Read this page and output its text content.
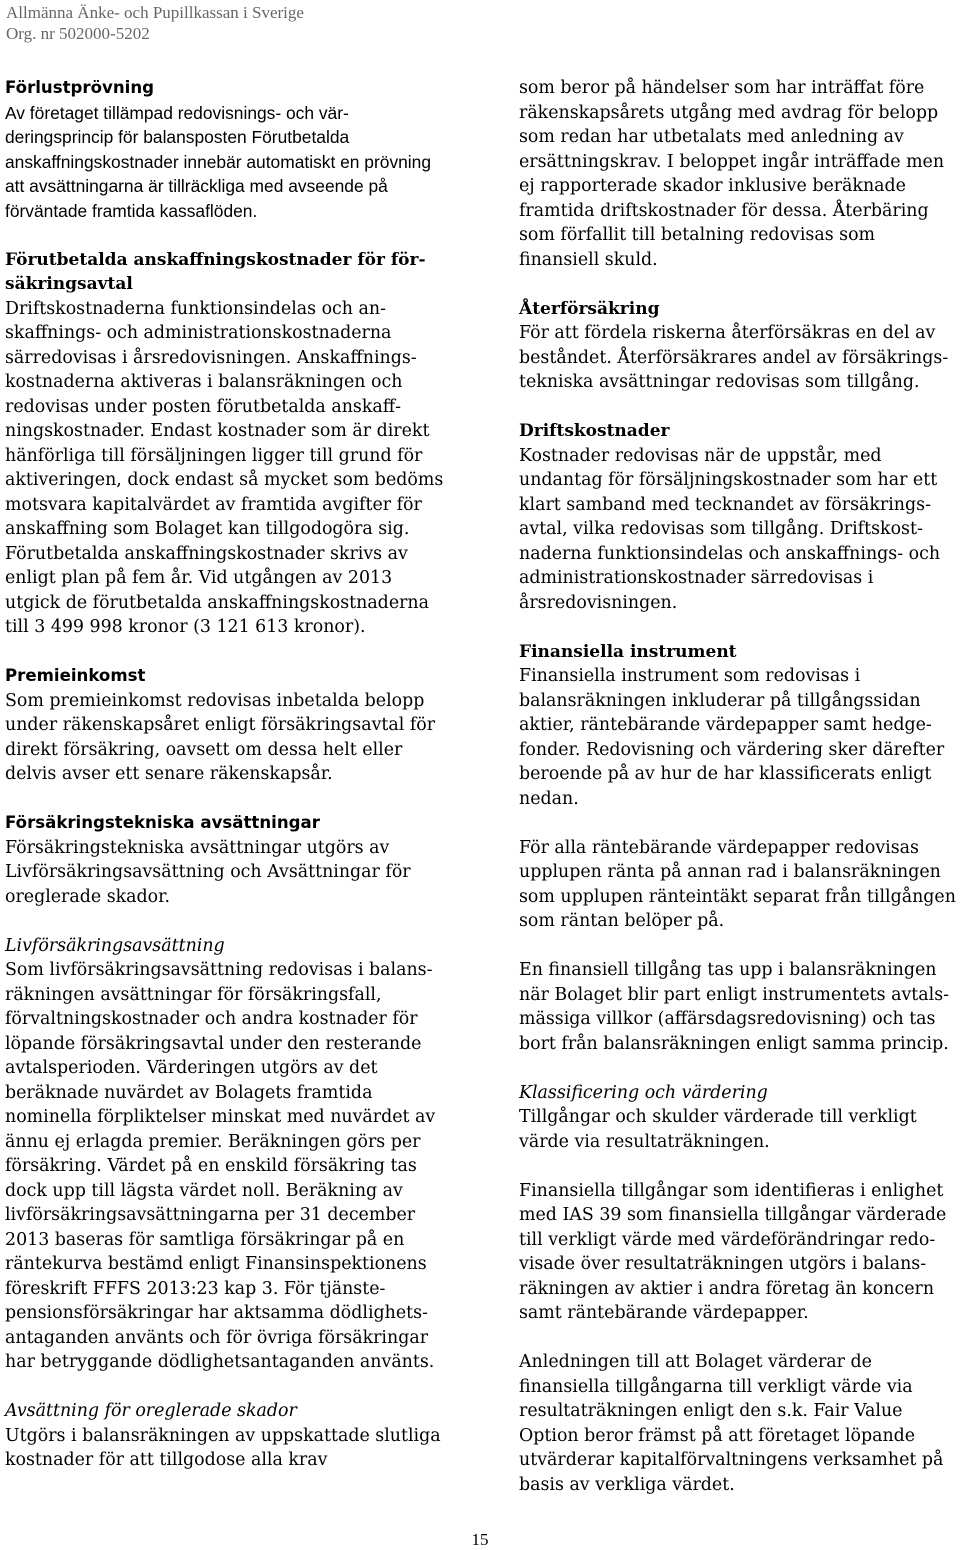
Allmänna Änke- och Pupillkassan i Sverige
Org. nr 502000-5202

Förlustprövning

Av företaget tillämpad redovisnings- och värderingsprincip för balansposten Förutbetalda anskaffningskostnader innebär automatiskt en prövning att avsättningarna är tillräckliga med avseende på förväntade framtida kassaflöden.

Förutbetalda anskaffningskostnader för försäkringsavtal

Driftskostnaderna funktionsindelas och anskaffnings- och administrationskostnaderna särredovisas i årsredovisningen. Anskaffningskostnaderna aktiveras i balansräkningen och redovisas under posten förutbetalda anskaffningskostnader. Endast kostnader som är direkt hänförliga till försäljningen ligger till grund för aktiveringen, dock endast så mycket som bedöms motsvara kapitalvärdet av framtida avgifter för anskaffning som Bolaget kan tillgodogöra sig. Förutbetalda anskaffningskostnader skrivs av enligt plan på fem år. Vid utgången av 2013 utgick de förutbetalda anskaffningskostnaderna till 3 499 998 kronor (3 121 613 kronor).

Premieinkomst

Som premieinkomst redovisas inbetalda belopp under räkenskapsåret enligt försäkringsavtal för direkt försäkring, oavsett om dessa helt eller delvis avser ett senare räkenskapsår.

Försäkringstekniska avsättningar

Försäkringstekniska avsättningar utgörs av Livförsäkringsavsättning och Avsättningar för oreglerade skador.

Livförsäkringsavsättning

Som livförsäkringsavsättning redovisas i balansräkningen avsättningar för försäkringsfall, förvaltningskostnader och andra kostnader för löpande försäkringsavtal under den resterande avtalsperioden. Värderingen utgörs av det beräknade nuvärdet av Bolagets framtida nominella förpliktelser minskat med nuvärdet av ännu ej erlagda premier. Beräkningen görs per försäkring. Värdet på en enskild försäkring tas dock upp till lägsta värdet noll. Beräkning av livförsäkringsavsättningarna per 31 december 2013 baseras för samtliga försäkringar på en räntekurva bestämd enligt Finansinspektionens föreskrift FFFS 2013:23 kap 3. För tjänstepensionsförsäkringar har aktsamma dödlighetsantaganden använts och för övriga försäkringar har betryggande dödlighetsantaganden använts.

Avsättning för oreglerade skador

Utgörs i balansräkningen av uppskattade slutliga kostnader för att tillgodose alla krav

som beror på händelser som har inträffat före räkenskapsårets utgång med avdrag för belopp som redan har utbetalats med anledning av ersättningskrav. I beloppet ingår inträffade men ej rapporterade skador inklusive beräknade framtida driftskostnader för dessa. Återbäring som förfallit till betalning redovisas som finansiell skuld.

Återförsäkring

För att fördela riskerna återförsäkras en del av beståndet. Återförsäkrares andel av försäkringstekniska avsättningar redovisas som tillgång.

Driftskostnader

Kostnader redovisas när de uppstår, med undantag för försäljningskostnader som har ett klart samband med tecknandet av försäkringsavtal, vilka redovisas som tillgång. Driftskostnaderna funktionsindelas och anskaffnings- och administrationskostnader särredovisas i årsredovisningen.

Finansiella instrument

Finansiella instrument som redovisas i balansräkningen inkluderar på tillgångssidan aktier, räntebärande värdepapper samt hedgefonder. Redovisning och värdering sker därefter beroende på av hur de har klassificerats enligt nedan.

För alla räntebärande värdepapper redovisas upplupen ränta på annan rad i balansräkningen som upplupen ränteintäkt separat från tillgången som räntan belöper på.

En finansiell tillgång tas upp i balansräkningen när Bolaget blir part enligt instrumentets avtalsmässiga villkor (affärsdagsredovisning) och tas bort från balansräkningen enligt samma princip.

Klassificering och värdering

Tillgångar och skulder värderade till verkligt värde via resultaträkningen.

Finansiella tillgångar som identifieras i enlighet med IAS 39 som finansiella tillgångar värderade till verkligt värde med värdeförändringar redovisade över resultaträkningen utgörs i balansräkningen av aktier i andra företag än koncern samt räntebärande värdepapper.

Anledningen till att Bolaget värderar de finansiella tillgångarna till verkligt värde via resultaträkningen enligt den s.k. Fair Value Option beror främst på att företaget löpande utvärderar kapitalförvaltningens verksamhet på basis av verkliga värdet.

15
